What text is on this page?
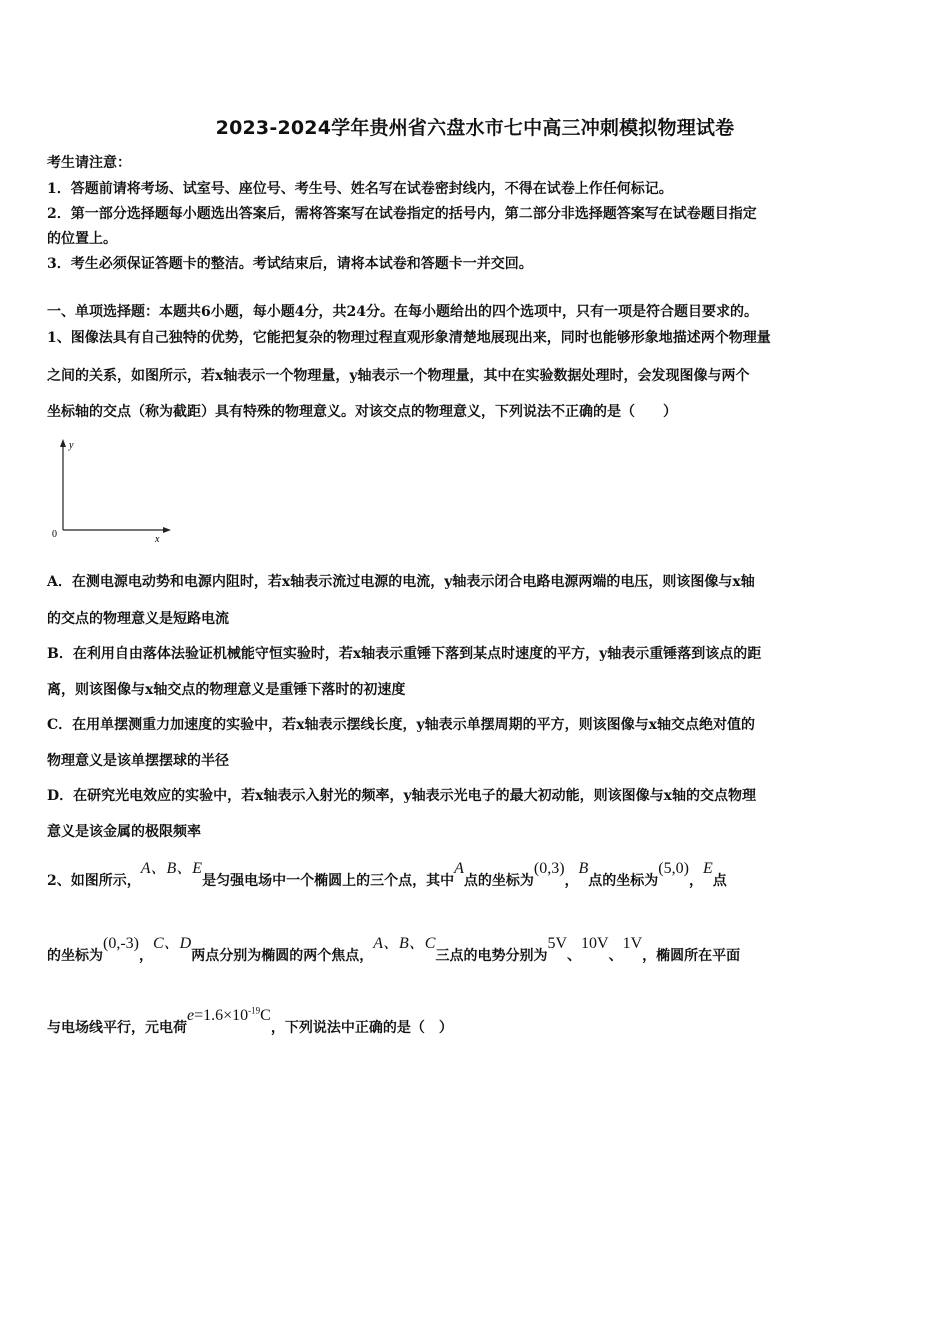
2023-2024学年贵州省六盘水市七中高三冲刺模拟物理试卷
考生请注意：
1．答题前请将考场、试室号、座位号、考生号、姓名写在试卷密封线内，不得在试卷上作任何标记。
2．第一部分选择题每小题选出答案后，需将答案写在试卷指定的括号内，第二部分非选择题答案写在试卷题目指定
的位置上。
3．考生必须保证答题卡的整洁。考试结束后，请将本试卷和答题卡一并交回。
一、单项选择题：本题共6小题，每小题4分，共24分。在每小题给出的四个选项中，只有一项是符合题目要求的。
1、图像法具有自己独特的优势，它能把复杂的物理过程直观形象清楚地展现出来，同时也能够形象地描述两个物理量
之间的关系，如图所示，若x轴表示一个物理量，y轴表示一个物理量，其中在实验数据处理时，会发现图像与两个
坐标轴的交点（称为截距）具有特殊的物理意义。对该交点的物理意义，下列说法不正确的是（　　）
y
x
0
A．在测电源电动势和电源内阻时，若x轴表示流过电源的电流，y轴表示闭合电路电源两端的电压，则该图像与x轴
的交点的物理意义是短路电流
B．在利用自由落体法验证机械能守恒实验时，若x轴表示重锤下落到某点时速度的平方，y轴表示重锤落到该点的距
离，则该图像与x轴交点的物理意义是重锤下落时的初速度
C．在用单摆测重力加速度的实验中，若x轴表示摆线长度，y轴表示单摆周期的平方，则该图像与x轴交点绝对值的
物理意义是该单摆摆球的半径
D．在研究光电效应的实验中，若x轴表示入射光的频率，y轴表示光电子的最大初动能，则该图像与x轴的交点物理
意义是该金属的极限频率
2、如图所示，A、B、E是匀强电场中一个椭圆上的三个点，其中A点的坐标为(0,3)，B点的坐标为(5,0)，E点
的坐标为(0,-3)，C、D两点分别为椭圆的两个焦点，A、B、C三点的电势分别为5V、10V、1V，椭圆所在平面
与电场线平行，元电荷$e=1.6\times 10^{-19}C$，下列说法中正确的是（　）
